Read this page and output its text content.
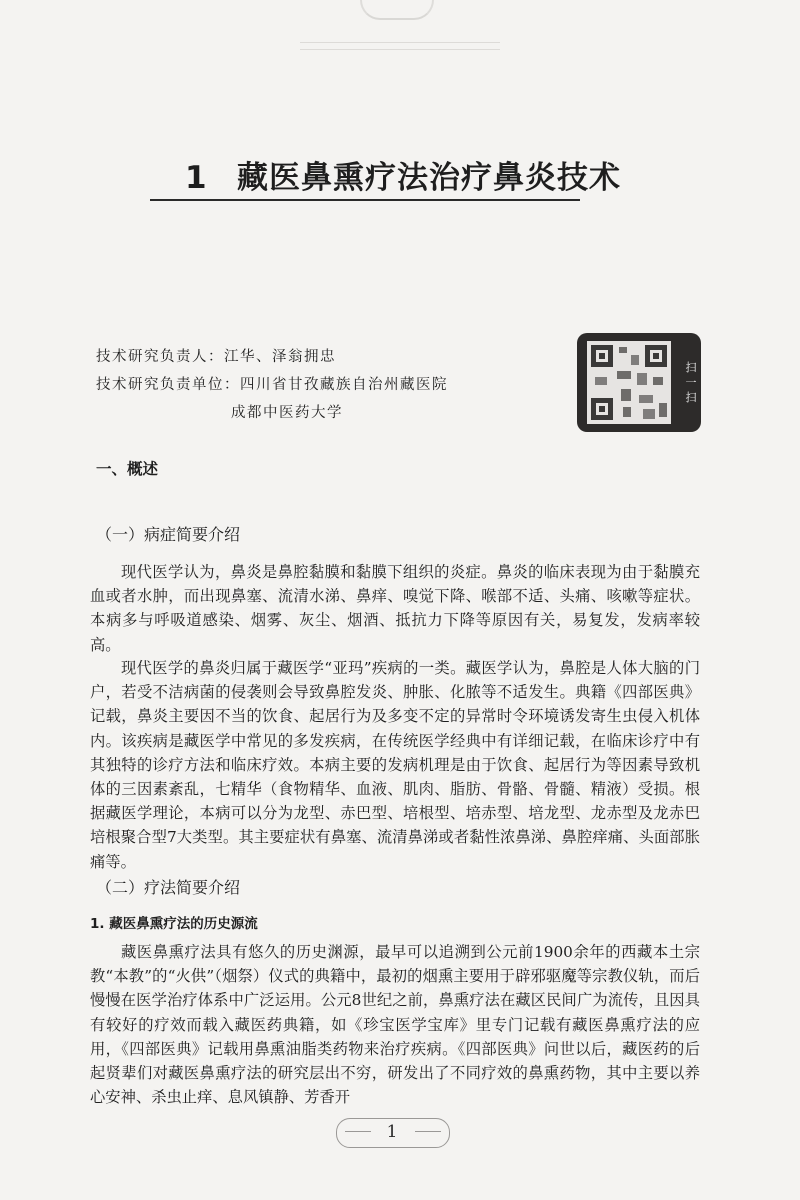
1 藏医鼻熏疗法治疗鼻炎技术
技术研究负责人：江华、泽翁拥忠
技术研究负责单位：四川省甘孜藏族自治州藏医院
成都中医药大学
扫
一
扫
一、概述
（一）病症简要介绍

现代医学认为，鼻炎是鼻腔黏膜和黏膜下组织的炎症。鼻炎的临床表现为由于黏膜充血或者水肿，而出现鼻塞、流清水涕、鼻痒、嗅觉下降、喉部不适、头痛、咳嗽等症状。本病多与呼吸道感染、烟雾、灰尘、烟酒、抵抗力下降等原因有关，易复发，发病率较高。

现代医学的鼻炎归属于藏医学“亚玛”疾病的一类。藏医学认为，鼻腔是人体大脑的门户，若受不洁病菌的侵袭则会导致鼻腔发炎、肿胀、化脓等不适发生。典籍《四部医典》记载，鼻炎主要因不当的饮食、起居行为及多变不定的异常时令环境诱发寄生虫侵入机体内。该疾病是藏医学中常见的多发疾病，在传统医学经典中有详细记载，在临床诊疗中有其独特的诊疗方法和临床疗效。本病主要的发病机理是由于饮食、起居行为等因素导致机体的三因素紊乱，七精华（食物精华、血液、肌肉、脂肪、骨骼、骨髓、精液）受损。根据藏医学理论，本病可以分为龙型、赤巴型、培根型、培赤型、培龙型、龙赤型及龙赤巴培根聚合型7大类型。其主要症状有鼻塞、流清鼻涕或者黏性浓鼻涕、鼻腔痒痛、头面部胀痛等。

（二）疗法简要介绍
1. 藏医鼻熏疗法的历史源流

藏医鼻熏疗法具有悠久的历史渊源，最早可以追溯到公元前1900余年的西藏本土宗教“本教”的“火供”（烟祭）仪式的典籍中，最初的烟熏主要用于辟邪驱魔等宗教仪轨，而后慢慢在医学治疗体系中广泛运用。公元8世纪之前，鼻熏疗法在藏区民间广为流传，且因具有较好的疗效而载入藏医药典籍，如《珍宝医学宝库》里专门记载有藏医鼻熏疗法的应用，《四部医典》记载用鼻熏油脂类药物来治疗疾病。《四部医典》问世以后，藏医药的后起贤辈们对藏医鼻熏疗法的研究层出不穷，研发出了不同疗效的鼻熏药物，其中主要以养心安神、杀虫止痒、息风镇静、芳香开

1
